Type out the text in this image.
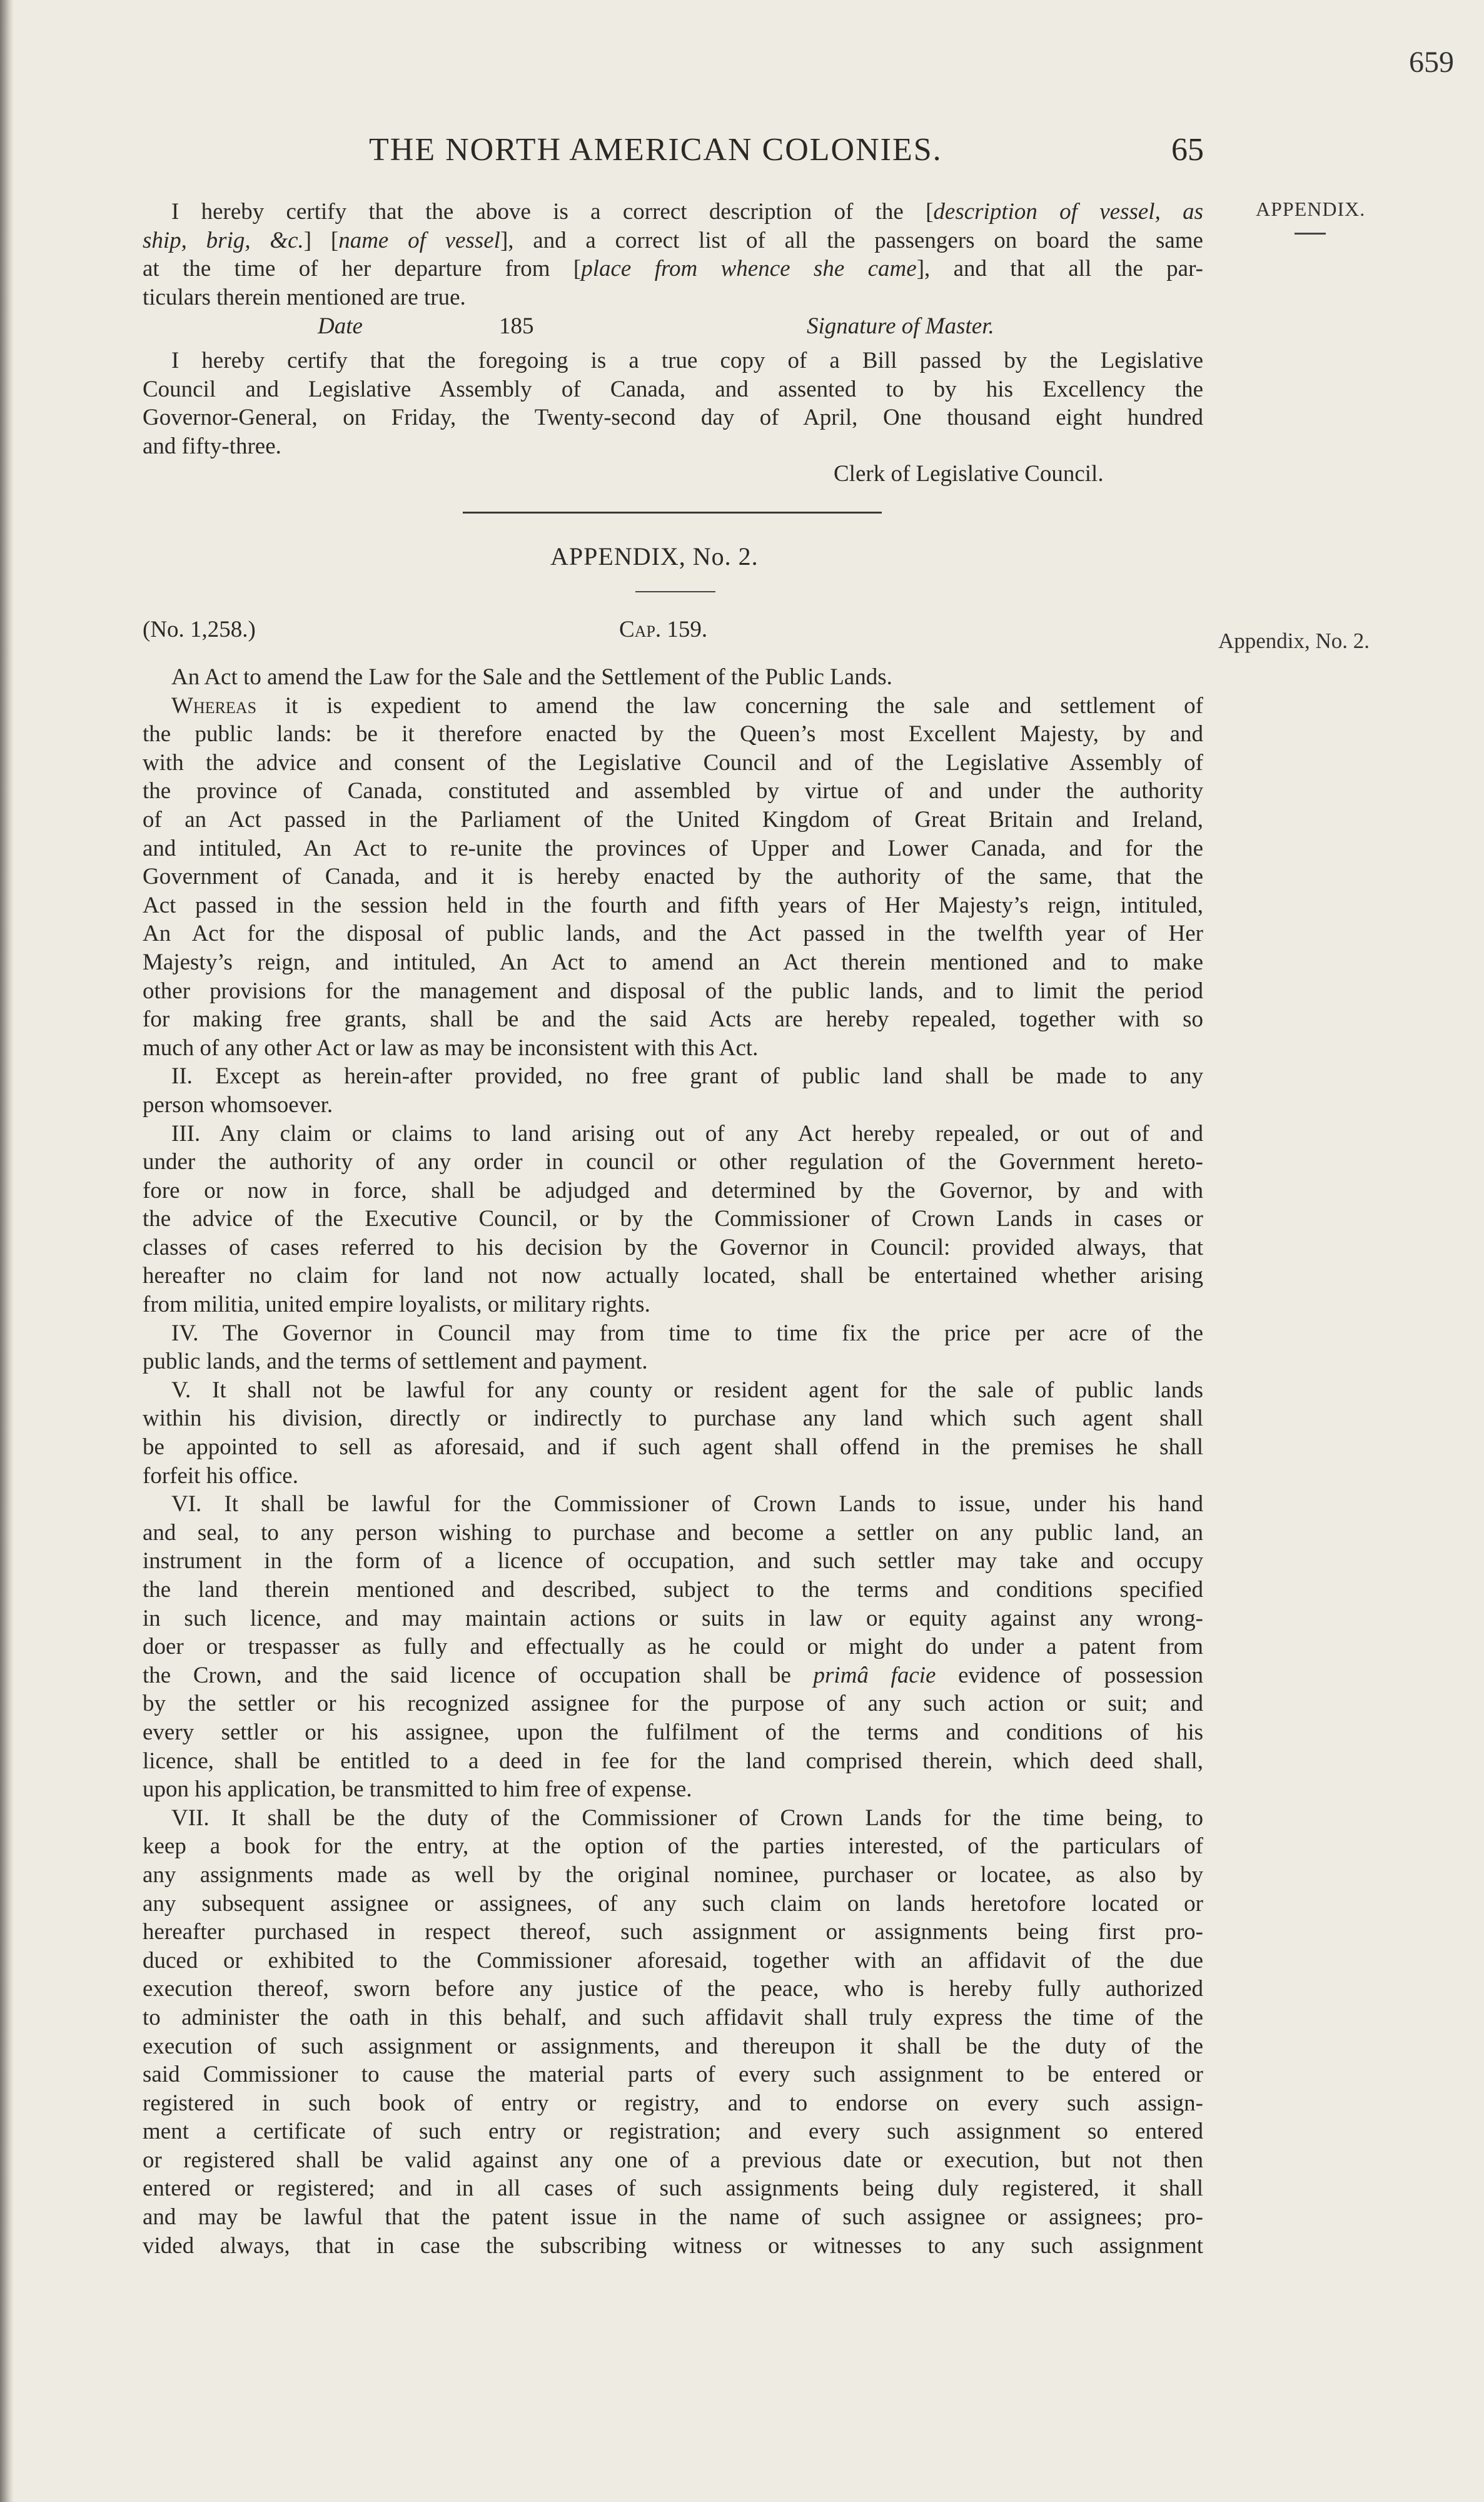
659
THE NORTH AMERICAN COLONIES.	65
APPENDIX.
Appendix, No. 2.

I hereby certify that the above is a correct description of the [description of vessel, as

ship, brig, &c.] [name of vessel], and a correct list of all the passengers on board the same

at the time of her departure from [place from whence she came], and that all the par-

ticulars therein mentioned are true.

Date	185	Signature of Master.

I hereby certify that the foregoing is a true copy of a Bill passed by the Legislative

Council and Legislative Assembly of Canada, and assented to by his Excellency the

Governor-General, on Friday, the Twenty-second day of April, One thousand eight hundred

and fifty-three.

Clerk of Legislative Council.
APPENDIX, No. 2.
(No. 1,258.)	Cap. 159.

An Act to amend the Law for the Sale and the Settlement of the Public Lands.

Whereas it is expedient to amend the law concerning the sale and settlement of

the public lands: be it therefore enacted by the Queen’s most Excellent Majesty, by and

with the advice and consent of the Legislative Council and of the Legislative Assembly of

the province of Canada, constituted and assembled by virtue of and under the authority

of an Act passed in the Parliament of the United Kingdom of Great Britain and Ireland,

and intituled, An Act to re-unite the provinces of Upper and Lower Canada, and for the

Government of Canada, and it is hereby enacted by the authority of the same, that the

Act passed in the session held in the fourth and fifth years of Her Majesty’s reign, intituled,

An Act for the disposal of public lands, and the Act passed in the twelfth year of Her

Majesty’s reign, and intituled, An Act to amend an Act therein mentioned and to make

other provisions for the management and disposal of the public lands, and to limit the period

for making free grants, shall be and the said Acts are hereby repealed, together with so

much of any other Act or law as may be inconsistent with this Act.

II. Except as herein-after provided, no free grant of public land shall be made to any

person whomsoever.

III. Any claim or claims to land arising out of any Act hereby repealed, or out of and

under the authority of any order in council or other regulation of the Government hereto-

fore or now in force, shall be adjudged and determined by the Governor, by and with

the advice of the Executive Council, or by the Commissioner of Crown Lands in cases or

classes of cases referred to his decision by the Governor in Council: provided always, that

hereafter no claim for land not now actually located, shall be entertained whether arising

from militia, united empire loyalists, or military rights.

IV. The Governor in Council may from time to time fix the price per acre of the

public lands, and the terms of settlement and payment.

V. It shall not be lawful for any county or resident agent for the sale of public lands

within his division, directly or indirectly to purchase any land which such agent shall

be appointed to sell as aforesaid, and if such agent shall offend in the premises he shall

forfeit his office.

VI. It shall be lawful for the Commissioner of Crown Lands to issue, under his hand

and seal, to any person wishing to purchase and become a settler on any public land, an

instrument in the form of a licence of occupation, and such settler may take and occupy

the land therein mentioned and described, subject to the terms and conditions specified

in such licence, and may maintain actions or suits in law or equity against any wrong-

doer or trespasser as fully and effectually as he could or might do under a patent from

the Crown, and the said licence of occupation shall be primâ facie evidence of possession

by the settler or his recognized assignee for the purpose of any such action or suit; and

every settler or his assignee, upon the fulfilment of the terms and conditions of his

licence, shall be entitled to a deed in fee for the land comprised therein, which deed shall,

upon his application, be transmitted to him free of expense.

VII. It shall be the duty of the Commissioner of Crown Lands for the time being, to

keep a book for the entry, at the option of the parties interested, of the particulars of

any assignments made as well by the original nominee, purchaser or locatee, as also by

any subsequent assignee or assignees, of any such claim on lands heretofore located or

hereafter purchased in respect thereof, such assignment or assignments being first pro-

duced or exhibited to the Commissioner aforesaid, together with an affidavit of the due

execution thereof, sworn before any justice of the peace, who is hereby fully authorized

to administer the oath in this behalf, and such affidavit shall truly express the time of the

execution of such assignment or assignments, and thereupon it shall be the duty of the

said Commissioner to cause the material parts of every such assignment to be entered or

registered in such book of entry or registry, and to endorse on every such assign-

ment a certificate of such entry or registration; and every such assignment so entered

or registered shall be valid against any one of a previous date or execution, but not then

entered or registered; and in all cases of such assignments being duly registered, it shall

and may be lawful that the patent issue in the name of such assignee or assignees; pro-

vided always, that in case the subscribing witness or witnesses to any such assignment
